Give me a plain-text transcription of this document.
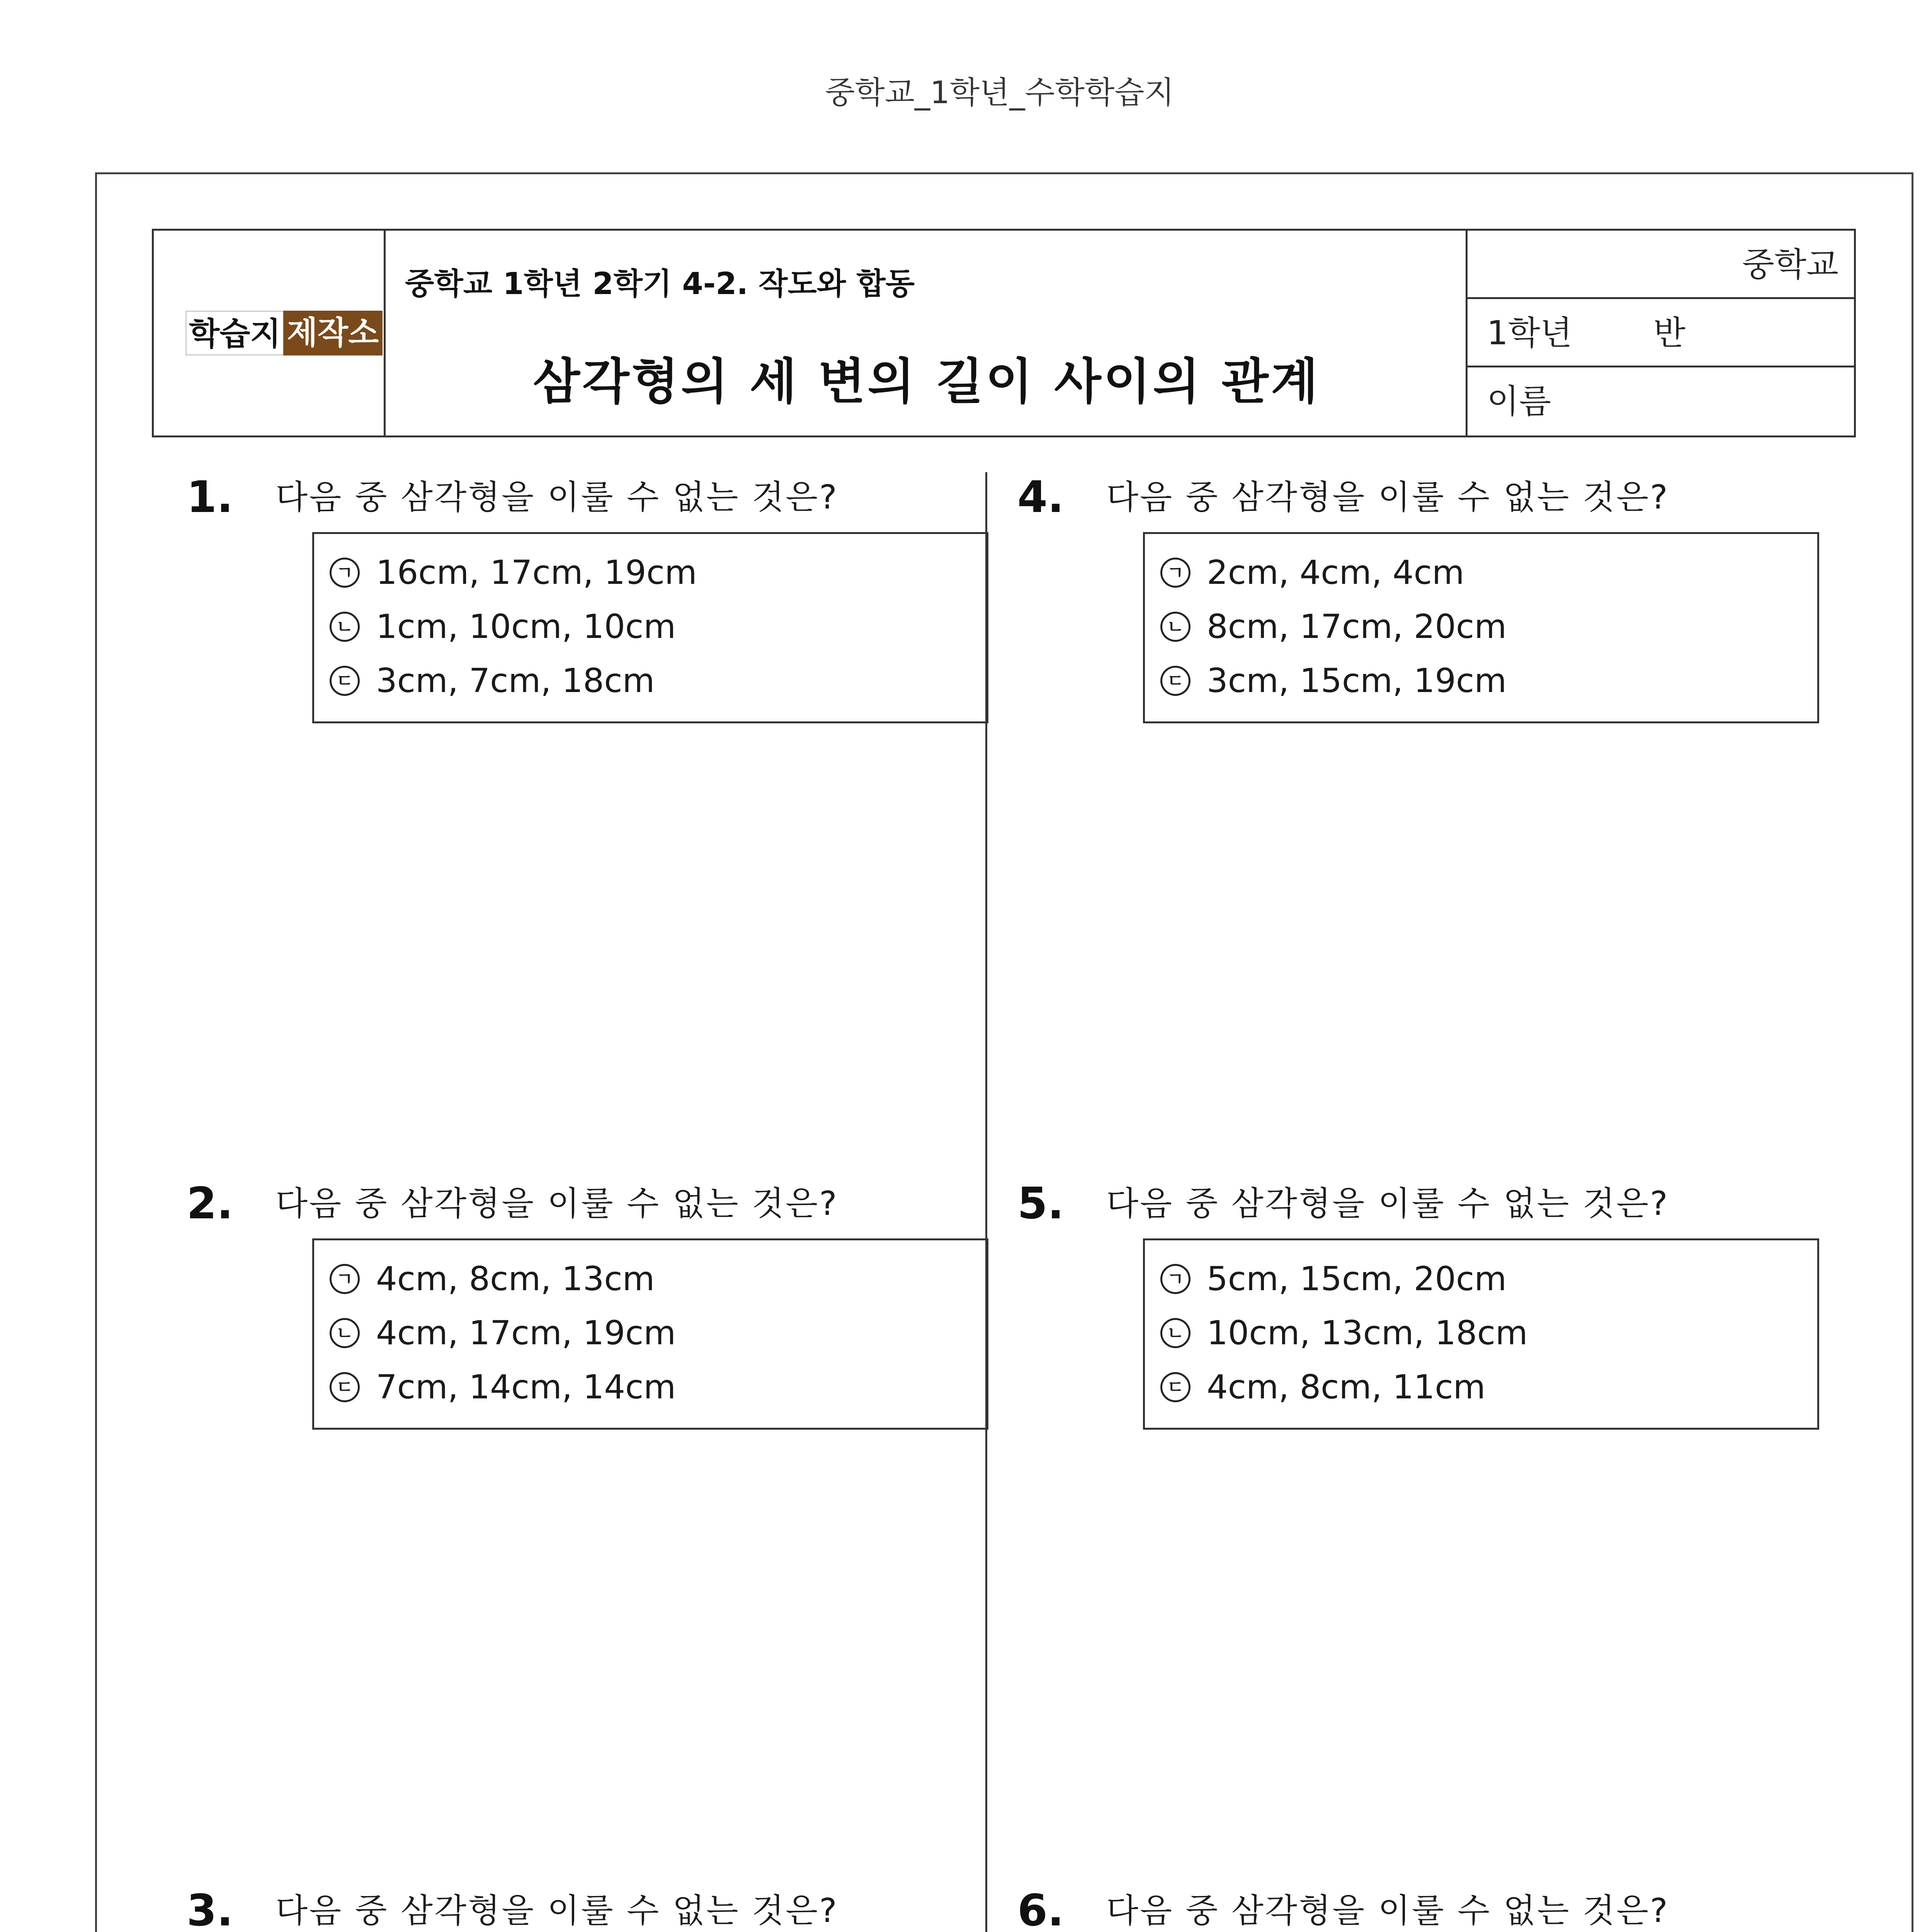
중학교_1학년_수학학습지
학습지 제작소
중학교 1학년 2학기 4-2. 작도와 합동
삼각형의 세 변의 길이 사이의 관계
중학교
1학년 반
이름
1. 다음 중 삼각형을 이룰 수 없는 것은?
ㄱ 16cm, 17cm, 19cm
ㄴ 1cm, 10cm, 10cm
ㄷ 3cm, 7cm, 18cm
2. 다음 중 삼각형을 이룰 수 없는 것은?
ㄱ 4cm, 8cm, 13cm
ㄴ 4cm, 17cm, 19cm
ㄷ 7cm, 14cm, 14cm
3. 다음 중 삼각형을 이룰 수 없는 것은?
4. 다음 중 삼각형을 이룰 수 없는 것은?
ㄱ 2cm, 4cm, 4cm
ㄴ 8cm, 17cm, 20cm
ㄷ 3cm, 15cm, 19cm
5. 다음 중 삼각형을 이룰 수 없는 것은?
ㄱ 5cm, 15cm, 20cm
ㄴ 10cm, 13cm, 18cm
ㄷ 4cm, 8cm, 11cm
6. 다음 중 삼각형을 이룰 수 없는 것은?
